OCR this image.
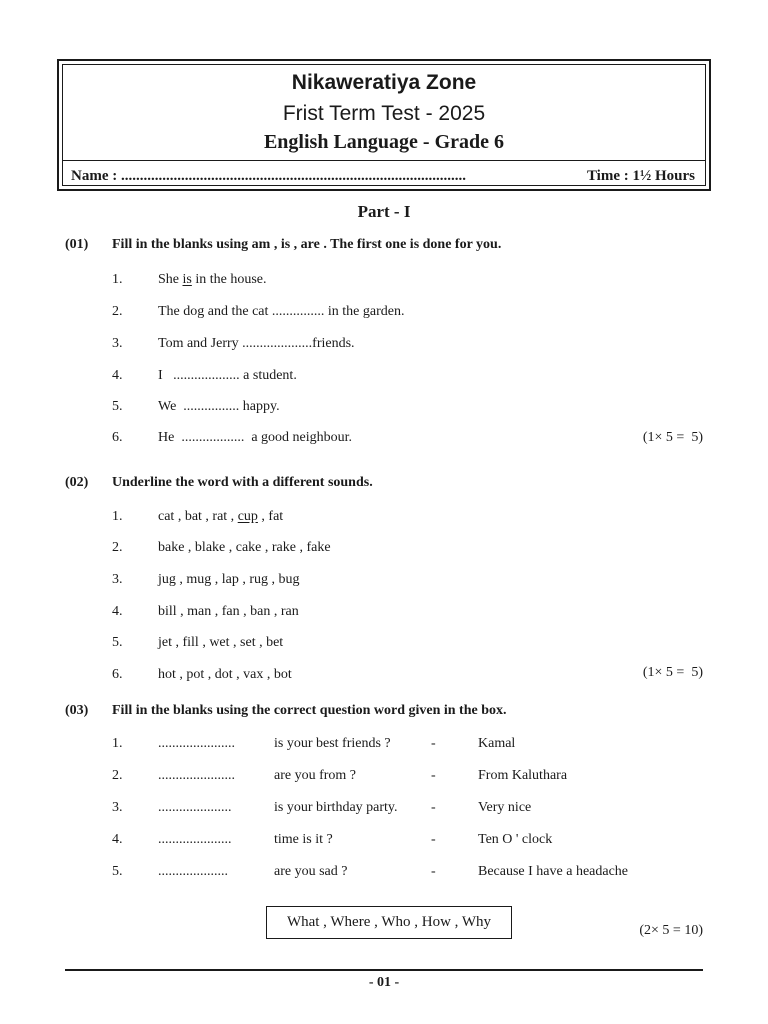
Nikaweratiya Zone
Frist Term Test - 2025
English Language - Grade 6
Name : ............................................................................................	Time : 1½ Hours
Part - I
(01) Fill in the blanks using am , is , are . The first one is done for you.
1.	She is in the house.
2.	The dog and the cat ............... in the garden.
3.	Tom and Jerry ....................friends.
4.	I   ................... a student.
5.	We  ................ happy.
6.	He  ..................  a good neighbour.	(1× 5 =  5)
(02) Underline the word with a different sounds.
1.	cat , bat , rat , cup , fat
2.	bake , blake , cake , rake , fake
3.	jug , mug , lap , rug , bug
4.	bill , man , fan , ban , ran
5.	jet , fill , wet , set , bet
6.	hot , pot , dot , vax , bot	(1× 5 =  5)
(03) Fill in the blanks using the correct question word given in the box.
1.	......................	is your best friends ?	-	Kamal
2.	......................	are you from ?	-	From Kaluthara
3.	.....................	is your birthday party. -	Very nice
4.	.....................	time is it ?	-	Ten O ' clock
5.	....................	are you sad ?	-	Because I have a headache
What , Where , Who , How , Why
(2× 5 = 10)
- 01 -
